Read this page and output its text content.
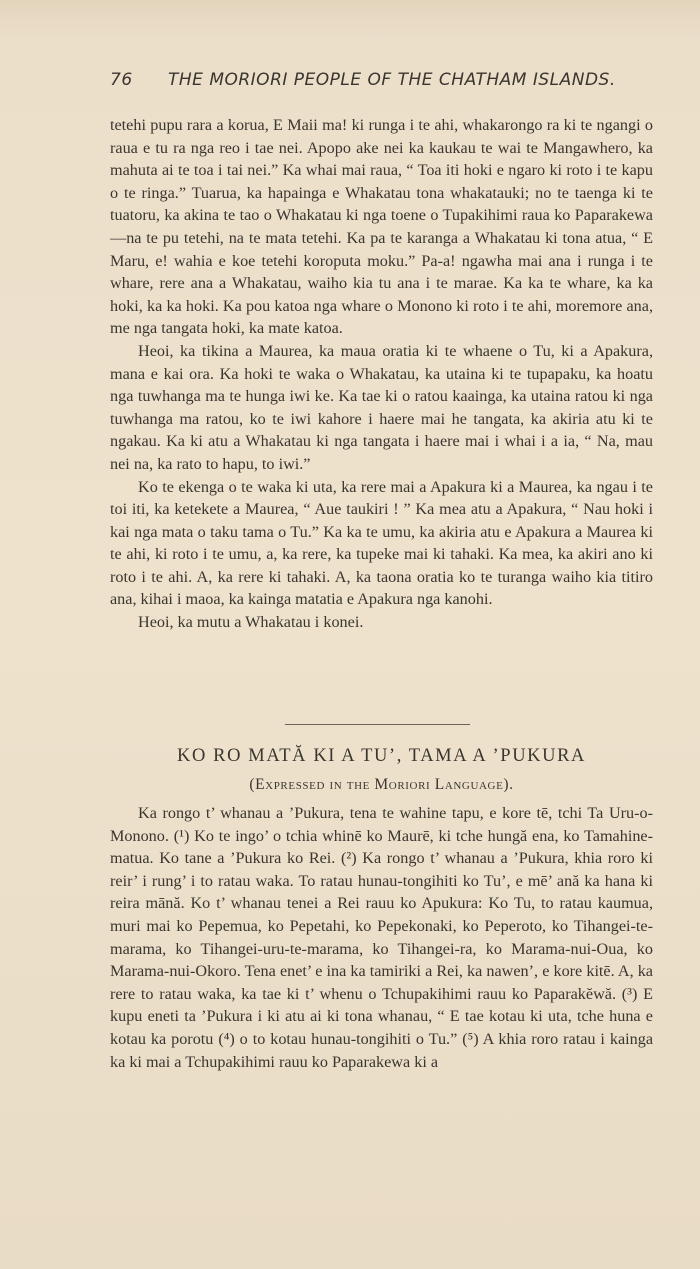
76 THE MORIORI PEOPLE OF THE CHATHAM ISLANDS.

tetehi pupu rara a korua, E Maii ma! ki runga i te ahi, whakarongo ra ki te ngangi o raua e tu ra nga reo i tae nei. Apopo ake nei ka kaukau te wai te Mangawhero, ka mahuta ai te toa i tai nei.” Ka whai mai raua, “ Toa iti hoki e ngaro ki roto i te kapu o te ringa.” Tuarua, ka hapainga e Whakatau tona whakatauki; no te taenga ki te tuatoru, ka akina te tao o Whakatau ki nga toene o Tupakihimi raua ko Paparakewa—na te pu tetehi, na te mata tetehi. Ka pa te karanga a Whakatau ki tona atua, “ E Maru, e! wahia e koe tetehi koroputa moku.” Pa-a! ngawha mai ana i runga i te whare, rere ana a Whakatau, waiho kia tu ana i te marae. Ka ka te whare, ka ka hoki, ka ka hoki. Ka pou katoa nga whare o Monono ki roto i te ahi, moremore ana, me nga tangata hoki, ka mate katoa.

Heoi, ka tikina a Maurea, ka maua oratia ki te whaene o Tu, ki a Apakura, mana e kai ora. Ka hoki te waka o Whakatau, ka utaina ki te tupapaku, ka hoatu nga tuwhanga ma te hunga iwi ke. Ka tae ki o ratou kaainga, ka utaina ratou ki nga tuwhanga ma ratou, ko te iwi kahore i haere mai he tangata, ka akiria atu ki te ngakau. Ka ki atu a Whakatau ki nga tangata i haere mai i whai i a ia, “ Na, mau nei na, ka rato to hapu, to iwi.”

Ko te ekenga o te waka ki uta, ka rere mai a Apakura ki a Maurea, ka ngau i te toi iti, ka ketekete a Maurea, “ Aue taukiri ! ” Ka mea atu a Apakura, “ Nau hoki i kai nga mata o taku tama o Tu.” Ka ka te umu, ka akiria atu e Apakura a Maurea ki te ahi, ki roto i te umu, a, ka rere, ka tupeke mai ki tahaki. Ka mea, ka akiri ano ki roto i te ahi. A, ka rere ki tahaki. A, ka taona oratia ko te turanga waiho kia titiro ana, kihai i maoa, ka kainga matatia e Apakura nga kanohi.

Heoi, ka mutu a Whakatau i konei.

KO RO MATĂ KI A TU’, TAMA A ’PUKURA
(Expressed in the Moriori Language).

Ka rongo t’ whanau a ’Pukura, tena te wahine tapu, e kore tē, tchi Ta Uru-o-Monono. (¹) Ko te ingo’ o tchia whinē ko Maurē, ki tche hungă ena, ko Tamahine-matua. Ko tane a ’Pukura ko Rei. (²) Ka rongo t’ whanau a ’Pukura, khia roro ki reir’ i rung’ i to ratau waka. To ratau hunau-tongihiti ko Tu’, e mē’ ană ka hana ki reira mānă. Ko t’ whanau tenei a Rei rauu ko Apukura: Ko Tu, to ratau kaumua, muri mai ko Pepemua, ko Pepetahi, ko Pepekonaki, ko Peperoto, ko Tihangei-te-marama, ko Tihangei-uru-te-marama, ko Tihangei-ra, ko Marama-nui-Oua, ko Marama-nui-Okoro. Tena enet’ e ina ka tamiriki a Rei, ka nawen’, e kore kitē. A, ka rere to ratau waka, ka tae ki t’ whenu o Tchupakihimi rauu ko Paparakĕwă. (³) E kupu eneti ta ’Pukura i ki atu ai ki tona whanau, “ E tae kotau ki uta, tche huna e kotau ka porotu (⁴) o to kotau hunau-tongihiti o Tu.” (⁵) A khia roro ratau i kainga ka ki mai a Tchupakihimi rauu ko Paparakewa ki a
